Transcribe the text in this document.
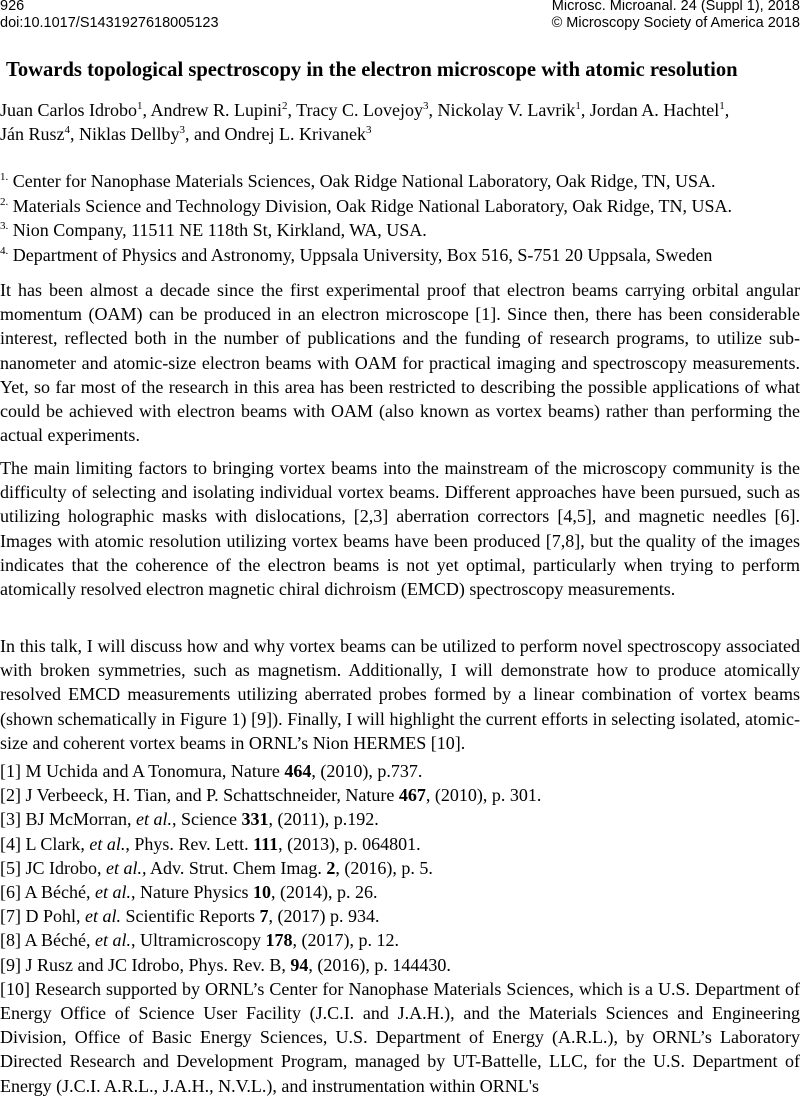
926
doi:10.1017/S1431927618005123
Microsc. Microanal. 24 (Suppl 1), 2018
© Microscopy Society of America 2018
Towards topological spectroscopy in the electron microscope with atomic resolution
Juan Carlos Idrobo$^1$, Andrew R. Lupini$^2$, Tracy C. Lovejoy$^3$, Nickolay V. Lavrik$^1$, Jordan A. Hachtel$^1$,
Ján Rusz$^4$, Niklas Dellby$^3$, and Ondrej L. Krivanek$^3$
$^{1.}$ Center for Nanophase Materials Sciences, Oak Ridge National Laboratory, Oak Ridge, TN, USA.
$^{2.}$ Materials Science and Technology Division, Oak Ridge National Laboratory, Oak Ridge, TN, USA.
$^{3.}$ Nion Company, 11511 NE 118th St, Kirkland, WA, USA.
$^{4.}$ Department of Physics and Astronomy, Uppsala University, Box 516, S-751 20 Uppsala, Sweden
It has been almost a decade since the first experimental proof that electron beams carrying orbital angular momentum (OAM) can be produced in an electron microscope [1]. Since then, there has been considerable interest, reflected both in the number of publications and the funding of research programs, to utilize sub-nanometer and atomic-size electron beams with OAM for practical imaging and spectroscopy measurements. Yet, so far most of the research in this area has been restricted to describing the possible applications of what could be achieved with electron beams with OAM (also known as vortex beams) rather than performing the actual experiments.
The main limiting factors to bringing vortex beams into the mainstream of the microscopy community is the difficulty of selecting and isolating individual vortex beams. Different approaches have been pursued, such as utilizing holographic masks with dislocations, [2,3] aberration correctors [4,5], and magnetic needles [6]. Images with atomic resolution utilizing vortex beams have been produced [7,8], but the quality of the images indicates that the coherence of the electron beams is not yet optimal, particularly when trying to perform atomically resolved electron magnetic chiral dichroism (EMCD) spectroscopy measurements.
In this talk, I will discuss how and why vortex beams can be utilized to perform novel spectroscopy associated with broken symmetries, such as magnetism. Additionally, I will demonstrate how to produce atomically resolved EMCD measurements utilizing aberrated probes formed by a linear combination of vortex beams (shown schematically in Figure 1) [9]). Finally, I will highlight the current efforts in selecting isolated, atomic-size and coherent vortex beams in ORNL’s Nion HERMES [10].
[1] M Uchida and A Tonomura, Nature 464, (2010), p.737.
[2] J Verbeeck, H. Tian, and P. Schattschneider, Nature 467, (2010), p. 301.
[3] BJ McMorran, et al., Science 331, (2011), p.192.
[4] L Clark, et al., Phys. Rev. Lett. 111, (2013), p. 064801.
[5] JC Idrobo, et al., Adv. Strut. Chem Imag. 2, (2016), p. 5.
[6] A Béché, et al., Nature Physics 10, (2014), p. 26.
[7] D Pohl, et al. Scientific Reports 7, (2017) p. 934.
[8] A Béché, et al., Ultramicroscopy 178, (2017), p. 12.
[9] J Rusz and JC Idrobo, Phys. Rev. B, 94, (2016), p. 144430.
[10] Research supported by ORNL’s Center for Nanophase Materials Sciences, which is a U.S. Department of Energy Office of Science User Facility (J.C.I. and J.A.H.), and the Materials Sciences and Engineering Division, Office of Basic Energy Sciences, U.S. Department of Energy (A.R.L.), by ORNL’s Laboratory Directed Research and Development Program, managed by UT-Battelle, LLC, for the U.S. Department of Energy (J.C.I. A.R.L., J.A.H., N.V.L.), and instrumentation within ORNL's
